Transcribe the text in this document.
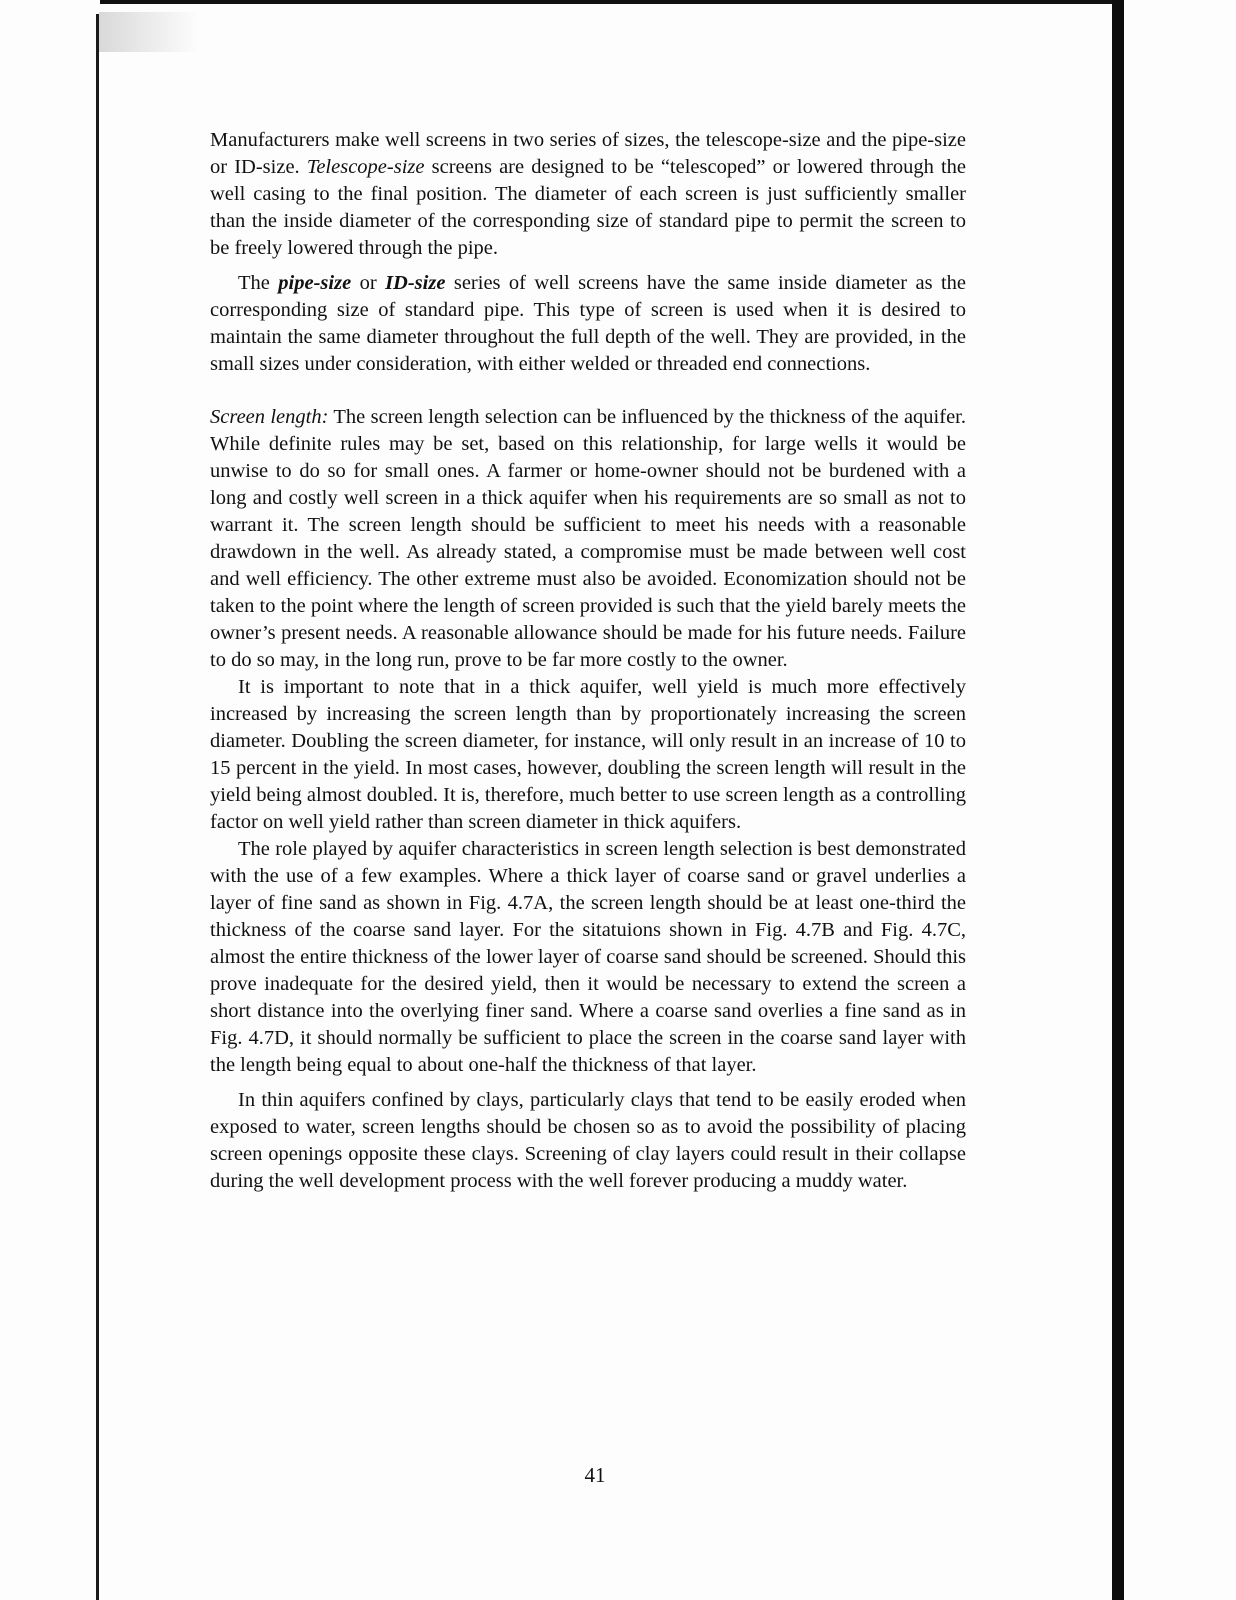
Manufacturers make well screens in two series of sizes, the telescope-size and the pipe-size or ID-size. Telescope-size screens are designed to be “telescoped” or lowered through the well casing to the final position. The diameter of each screen is just sufficiently smaller than the inside diameter of the corresponding size of standard pipe to permit the screen to be freely lowered through the pipe.

The pipe-size or ID-size series of well screens have the same inside diameter as the corresponding size of standard pipe. This type of screen is used when it is desired to maintain the same diameter throughout the full depth of the well. They are provided, in the small sizes under consideration, with either welded or threaded end connections.

Screen length: The screen length selection can be influenced by the thickness of the aquifer. While definite rules may be set, based on this relationship, for large wells it would be unwise to do so for small ones. A farmer or home-owner should not be burdened with a long and costly well screen in a thick aquifer when his requirements are so small as not to warrant it. The screen length should be sufficient to meet his needs with a reasonable drawdown in the well. As already stated, a compromise must be made between well cost and well efficiency. The other extreme must also be avoided. Economization should not be taken to the point where the length of screen provided is such that the yield barely meets the owner’s present needs. A reasonable allowance should be made for his future needs. Failure to do so may, in the long run, prove to be far more costly to the owner.

It is important to note that in a thick aquifer, well yield is much more effectively increased by increasing the screen length than by proportionately increasing the screen diameter. Doubling the screen diameter, for instance, will only result in an increase of 10 to 15 percent in the yield. In most cases, however, doubling the screen length will result in the yield being almost doubled. It is, therefore, much better to use screen length as a controlling factor on well yield rather than screen diameter in thick aquifers.

The role played by aquifer characteristics in screen length selection is best demonstrated with the use of a few examples. Where a thick layer of coarse sand or gravel underlies a layer of fine sand as shown in Fig. 4.7A, the screen length should be at least one-third the thickness of the coarse sand layer. For the sitatuions shown in Fig. 4.7B and Fig. 4.7C, almost the entire thickness of the lower layer of coarse sand should be screened. Should this prove inadequate for the desired yield, then it would be necessary to extend the screen a short distance into the overlying finer sand. Where a coarse sand overlies a fine sand as in Fig. 4.7D, it should normally be sufficient to place the screen in the coarse sand layer with the length being equal to about one-half the thickness of that layer.

In thin aquifers confined by clays, particularly clays that tend to be easily eroded when exposed to water, screen lengths should be chosen so as to avoid the possibility of placing screen openings opposite these clays. Screening of clay layers could result in their collapse during the well development process with the well forever producing a muddy water.

41
